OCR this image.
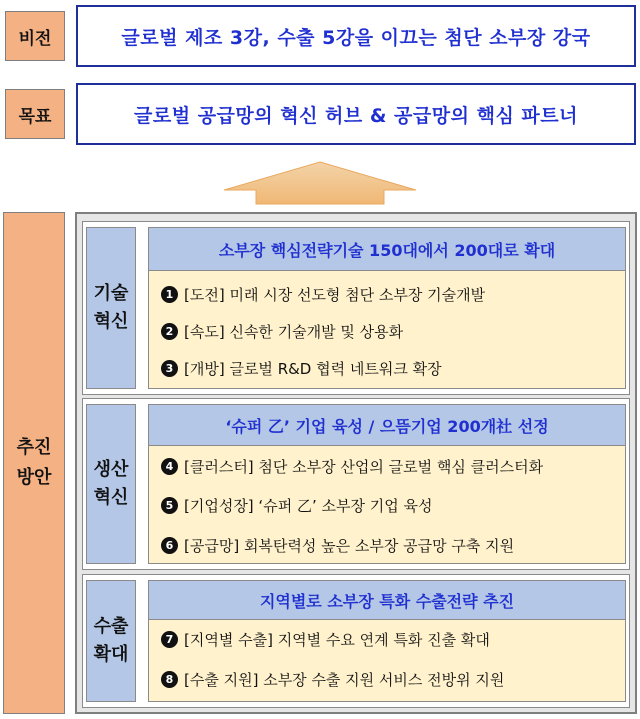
비전	글로벌 제조 3강, 수출 5강을 이끄는 첨단 소부장 강국
목표	글로벌 공급망의 혁신 허브 & 공급망의 핵심 파트너
추진
방안
기술
혁신
소부장 핵심전략기술 150대에서 200대로 확대
1 [도전] 미래 시장 선도형 첨단 소부장 기술개발
2 [속도] 신속한 기술개발 및 상용화
3 [개방] 글로벌 R&D 협력 네트워크 확장
생산
혁신
‘슈퍼 乙’ 기업 육성 / 으뜸기업 200개社 선정
4 [클러스터] 첨단 소부장 산업의 글로벌 핵심 클러스터화
5 [기업성장] ‘슈퍼 乙’ 소부장 기업 육성
6 [공급망] 회복탄력성 높은 소부장 공급망 구축 지원
수출
확대
지역별로 소부장 특화 수출전략 추진
7 [지역별 수출] 지역별 수요 연계 특화 진출 확대
8 [수출 지원] 소부장 수출 지원 서비스 전방위 지원
